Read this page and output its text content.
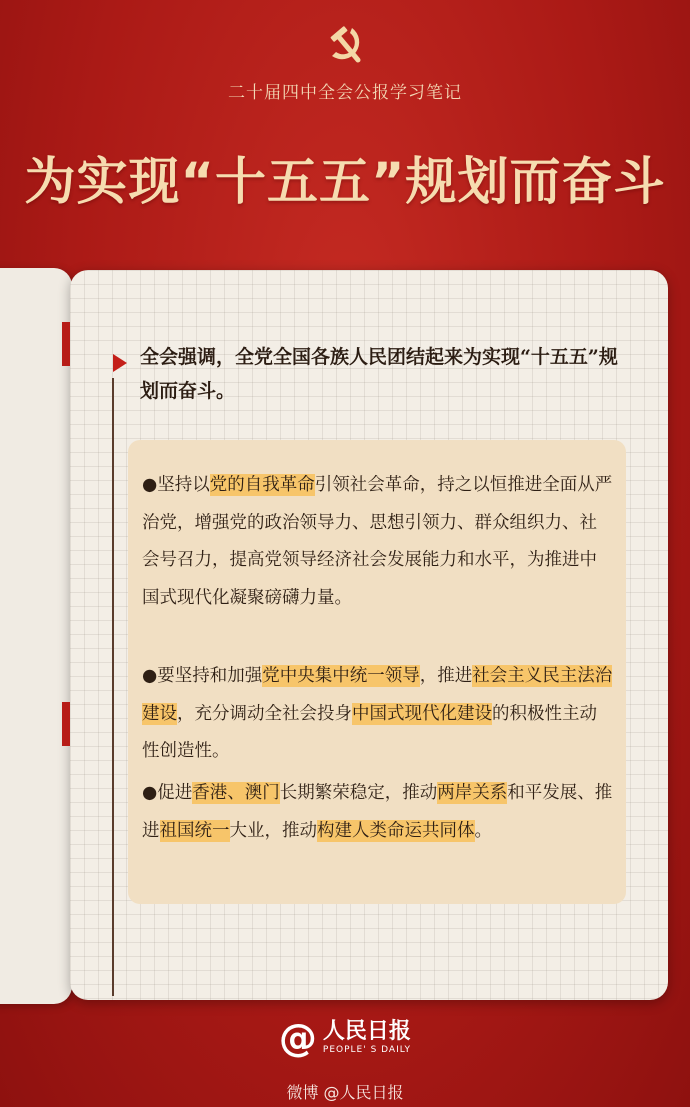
二十届四中全会公报学习笔记
为实现“十五五”规划而奋斗
全会强调，全党全国各族人民团结起来为实现“十五五”规划而奋斗。
●坚持以党的自我革命引领社会革命，持之以恒推进全面从严治党，增强党的政治领导力、思想引领力、群众组织力、社会号召力，提高党领导经济社会发展能力和水平，为推进中国式现代化凝聚磅礴力量。
●要坚持和加强党中央集中统一领导，推进社会主义民主法治建设，充分调动全社会投身中国式现代化建设的积极性主动性创造性。
●促进香港、澳门长期繁荣稳定，推动两岸关系和平发展、推进祖国统一大业，推动构建人类命运共同体。
@ 人民日报
PEOPLE' S DAILY
微博 @人民日报
